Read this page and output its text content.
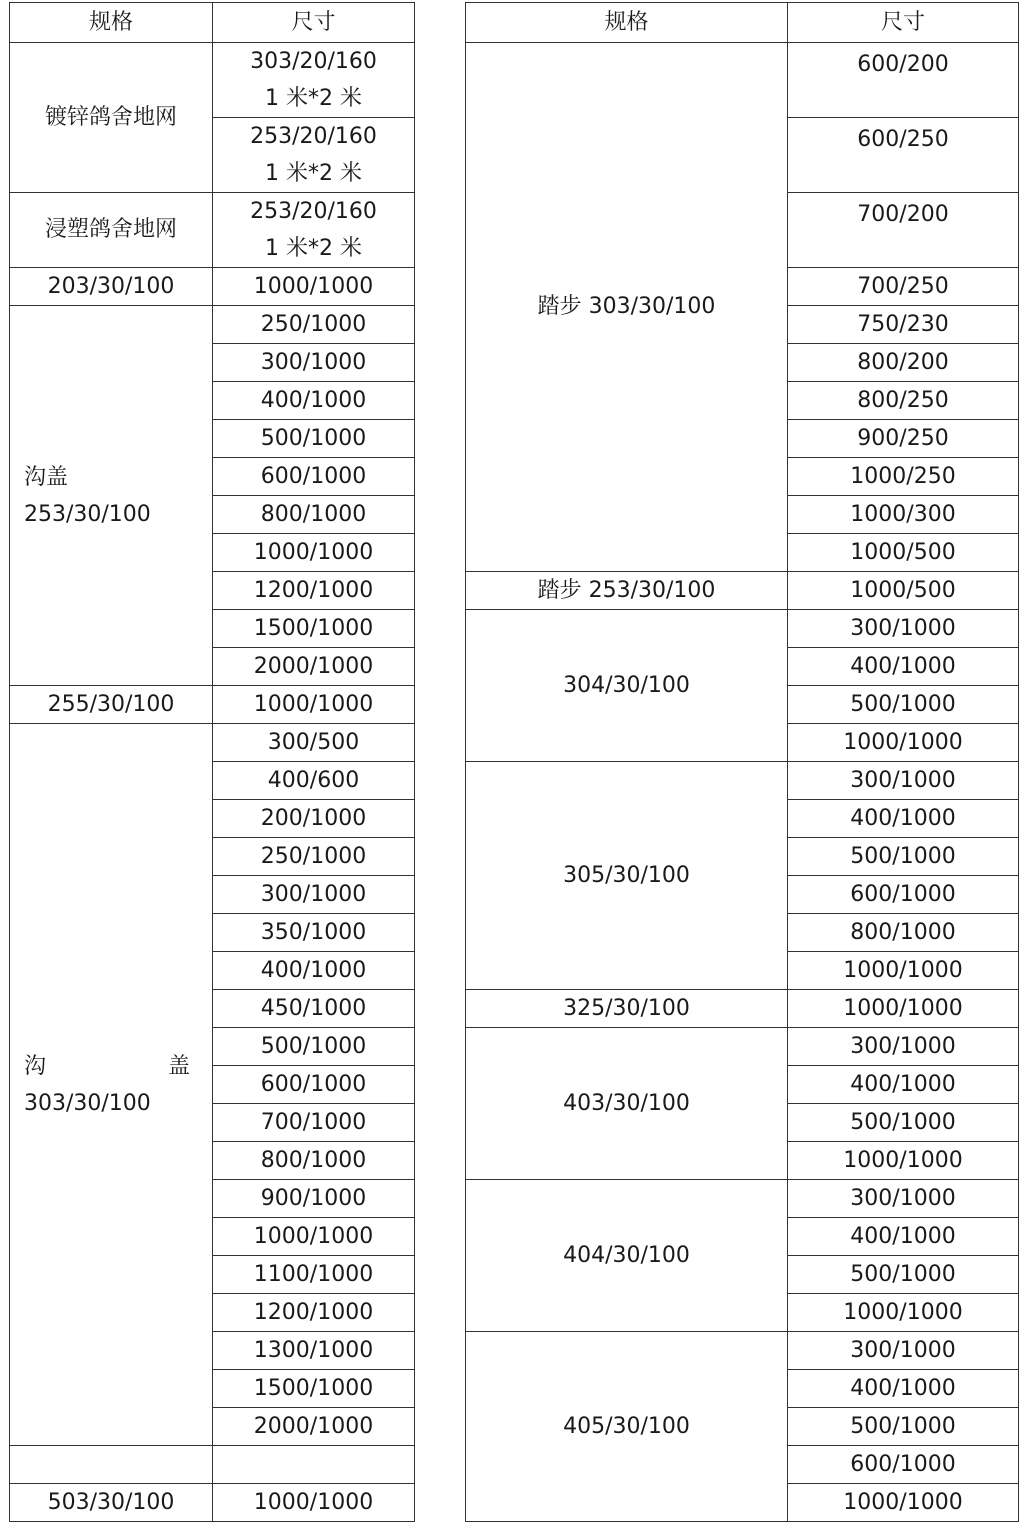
规格	尺寸
镀锌鸽舍地网	303/20/160
1 米*2 米

	253/20/160
1 米*2 米

浸塑鸽舍地网	253/20/160
1 米*2 米

203/30/100	1000/1000

沟盖
253/30/100	250/1000
	300/1000
	400/1000
	500/1000
	600/1000
	800/1000
	1000/1000
	1200/1000
	1500/1000
	2000/1000
255/30/100	1000/1000

沟 盖
303/30/100	300/500
	400/600
	200/1000
	250/1000
	300/1000
	350/1000
	400/1000
	450/1000
	500/1000
	600/1000
	700/1000
	800/1000
	900/1000
	1000/1000
	1100/1000
	1200/1000
	1300/1000
	1500/1000
	2000/1000

503/30/100	1000/1000
规格	尺寸
踏步 303/30/100	600/200
	600/250
	700/200
	700/250
	750/230
	800/200
	800/250
	900/250
	1000/250
	1000/300
	1000/500
踏步 253/30/100	1000/500
304/30/100	300/1000
	400/1000
	500/1000
	1000/1000
305/30/100	300/1000
	400/1000
	500/1000
	600/1000
	800/1000
	1000/1000
325/30/100	1000/1000
403/30/100	300/1000
	400/1000
	500/1000
	1000/1000
404/30/100	300/1000
	400/1000
	500/1000
	1000/1000
405/30/100	300/1000
	400/1000
	500/1000
	600/1000
	1000/1000
